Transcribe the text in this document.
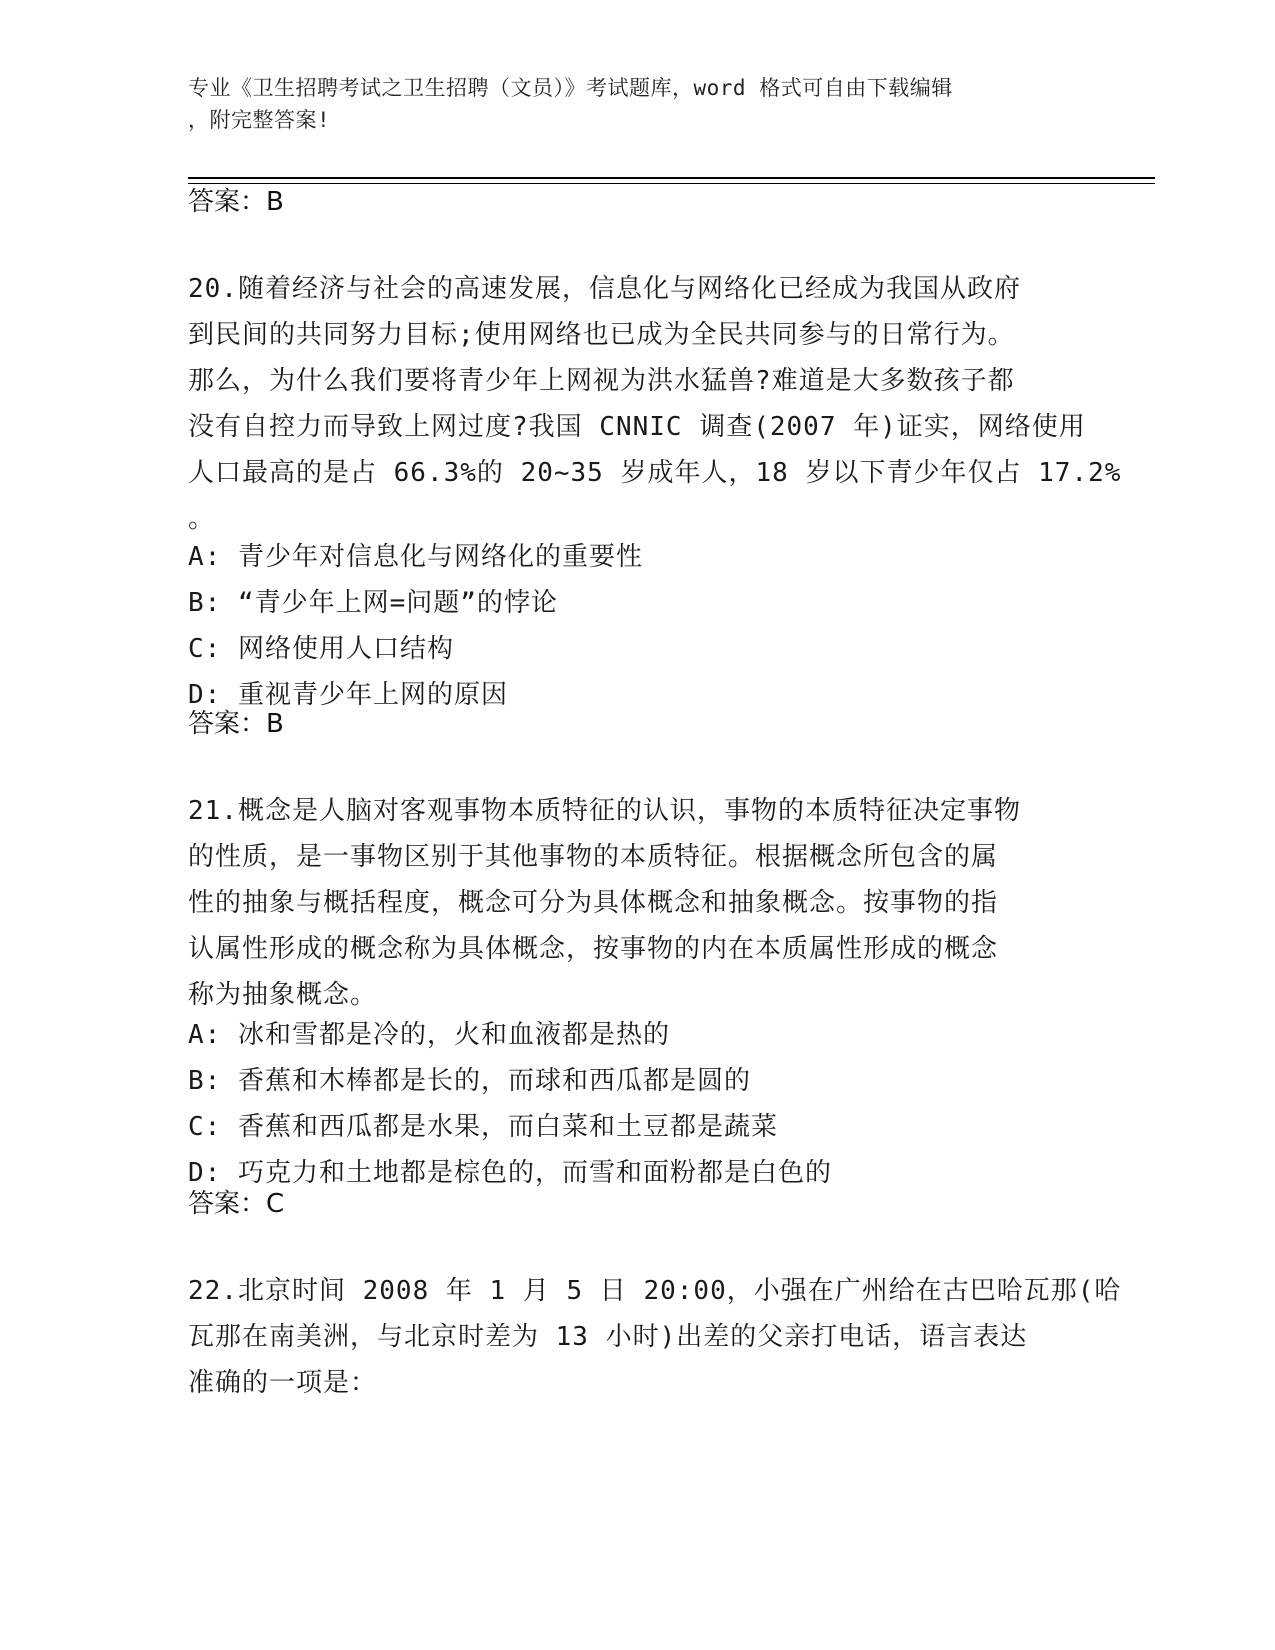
专业《卫生招聘考试之卫生招聘（文员）》考试题库，word 格式可自由下载编辑
，附完整答案!
答案：B
20.随着经济与社会的高速发展，信息化与网络化已经成为我国从政府
到民间的共同努力目标;使用网络也已成为全民共同参与的日常行为。
那么，为什么我们要将青少年上网视为洪水猛兽?难道是大多数孩子都
没有自控力而导致上网过度?我国 CNNIC 调查(2007 年)证实，网络使用
人口最高的是占 66.3%的 20~35 岁成年人，18 岁以下青少年仅占 17.2%
。
A: 青少年对信息化与网络化的重要性
B: “青少年上网=问题”的悖论
C: 网络使用人口结构
D: 重视青少年上网的原因
答案：B
21.概念是人脑对客观事物本质特征的认识，事物的本质特征决定事物
的性质，是一事物区别于其他事物的本质特征。根据概念所包含的属
性的抽象与概括程度，概念可分为具体概念和抽象概念。按事物的指
认属性形成的概念称为具体概念，按事物的内在本质属性形成的概念
称为抽象概念。
A: 冰和雪都是冷的，火和血液都是热的
B: 香蕉和木棒都是长的，而球和西瓜都是圆的
C: 香蕉和西瓜都是水果，而白菜和土豆都是蔬菜
D: 巧克力和土地都是棕色的，而雪和面粉都是白色的
答案：C
22.北京时间 2008 年 1 月 5 日 20:00，小强在广州给在古巴哈瓦那(哈
瓦那在南美洲，与北京时差为 13 小时)出差的父亲打电话，语言表达
准确的一项是：
